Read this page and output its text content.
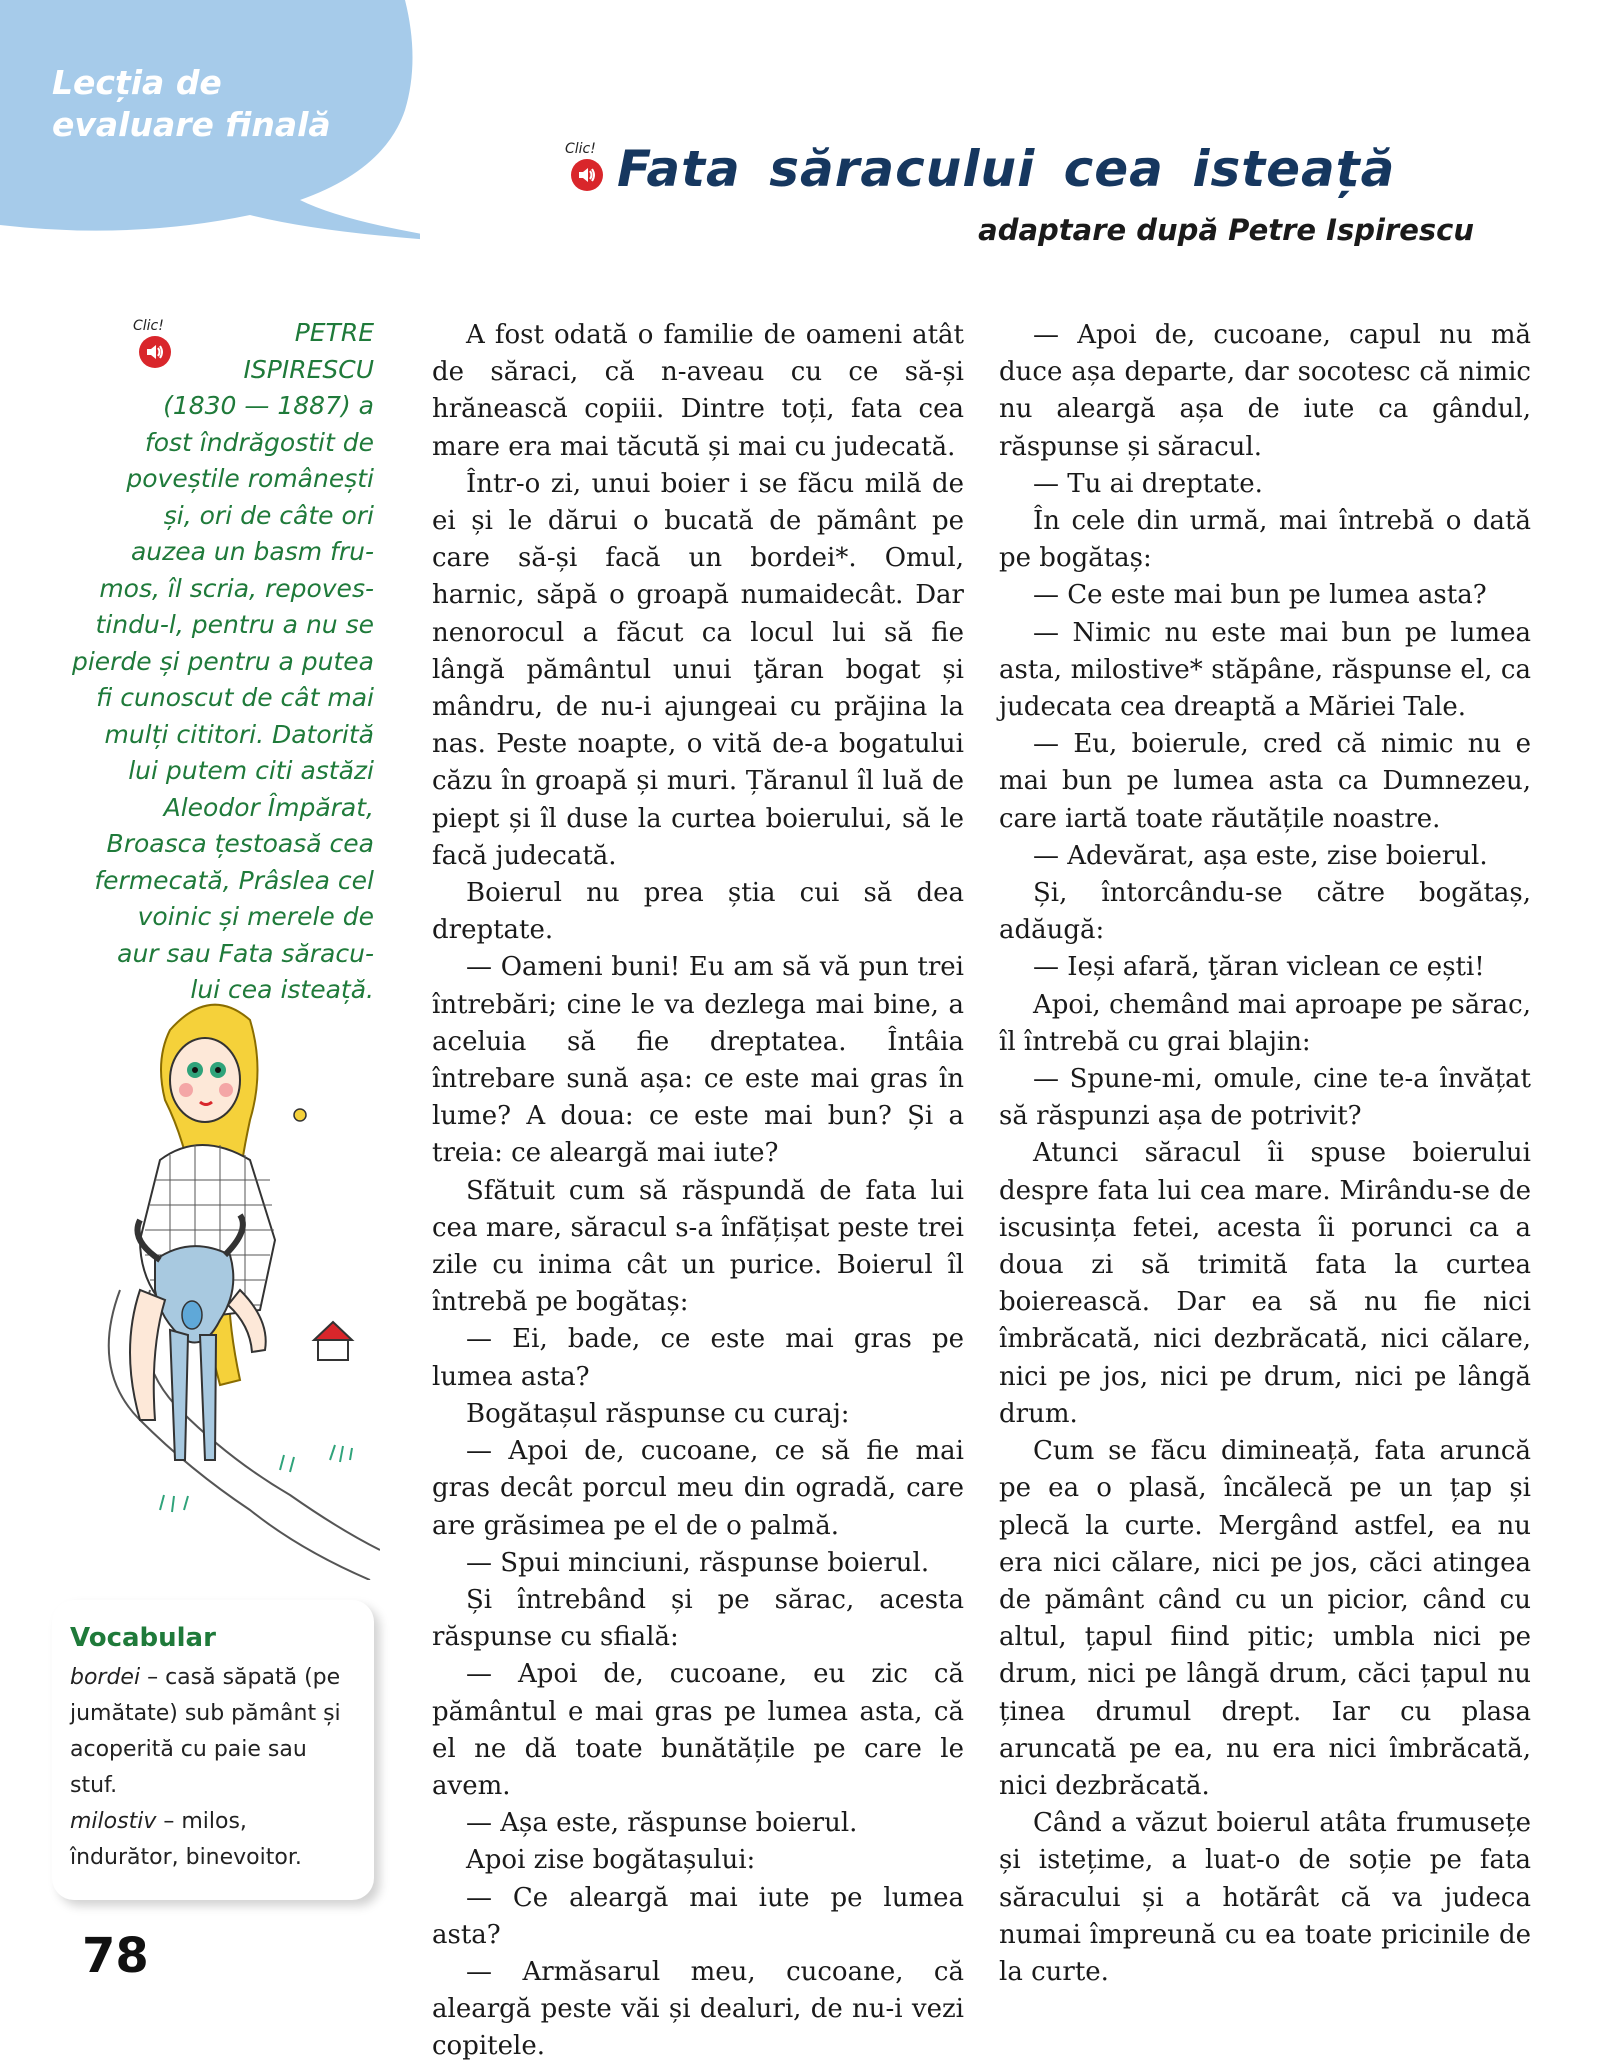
Lecția de
evaluare finală
Clic! Fata săracului cea isteață
adaptare după Petre Ispirescu
Clic!	PETRE
ISPIRESCU
(1830 — 1887) a
fost îndrăgostit de
poveștile românești
și, ori de câte ori
auzea un basm fru-
mos, îl scria, repoves-
tindu-l, pentru a nu se
pierde și pentru a putea
fi cunoscut de cât mai
mulți cititori. Datorită
lui putem citi astăzi
Aleodor Împărat,
Broasca țestoasă cea
fermecată, Prâslea cel
voinic și merele de
aur sau Fata săracu-
lui cea isteață.
Vocabular
bordei – casă săpată (pe jumătate) sub pământ și acoperită cu paie sau stuf.
milostiv – milos, îndurător, binevoitor.
78

A fost odată o familie de oameni atât de săraci, că n-aveau cu ce să-și hrănească copiii. Dintre toți, fata cea mare era mai tăcută și mai cu judecată.

Într-o zi, unui boier i se făcu milă de ei și le dărui o bucată de pământ pe care să-și facă un bordei*. Omul, harnic, săpă o groapă numaidecât. Dar nenorocul a făcut ca locul lui să fie lângă pământul unui ţăran bogat și mândru, de nu-i ajungeai cu prăjina la nas. Peste noapte, o vită de-a bogatului căzu în groapă și muri. Țăranul îl luă de piept și îl duse la curtea boierului, să le facă judecată.

Boierul nu prea știa cui să dea dreptate.

— Oameni buni! Eu am să vă pun trei întrebări; cine le va dezlega mai bine, a aceluia să fie dreptatea. Întâia întrebare sună așa: ce este mai gras în lume? A doua: ce este mai bun? Și a treia: ce aleargă mai iute?

Sfătuit cum să răspundă de fata lui cea mare, săracul s-a înfățișat peste trei zile cu inima cât un purice. Boierul îl întrebă pe bogătaș:

— Ei, bade, ce este mai gras pe lumea asta?

Bogătașul răspunse cu curaj:

— Apoi de, cucoane, ce să fie mai gras decât porcul meu din ogradă, care are grăsimea pe el de o palmă.

— Spui minciuni, răspunse boierul.

Și întrebând și pe sărac, acesta răspunse cu sfială:

— Apoi de, cucoane, eu zic că pământul e mai gras pe lumea asta, că el ne dă toate bunătățile pe care le avem.

— Așa este, răspunse boierul.

Apoi zise bogătașului:

— Ce aleargă mai iute pe lumea asta?

— Armăsarul meu, cucoane, că aleargă peste văi și dealuri, de nu-i vezi copitele.

— Apoi de, cucoane, capul nu mă duce așa departe, dar socotesc că nimic nu aleargă așa de iute ca gândul, răspunse și săracul.

— Tu ai dreptate.

În cele din urmă, mai întrebă o dată pe bogătaș:

— Ce este mai bun pe lumea asta?

— Nimic nu este mai bun pe lumea asta, milostive* stăpâne, răspunse el, ca judecata cea dreaptă a Măriei Tale.

— Eu, boierule, cred că nimic nu e mai bun pe lumea asta ca Dumnezeu, care iartă toate răutățile noastre.

— Adevărat, așa este, zise boierul.

Și, întorcându-se către bogătaș, adăugă:

— Ieși afară, ţăran viclean ce ești!

Apoi, chemând mai aproape pe sărac, îl întrebă cu grai blajin:

— Spune-mi, omule, cine te-a învățat să răspunzi așa de potrivit?

Atunci săracul îi spuse boierului despre fata lui cea mare. Mirându-se de iscusința fetei, acesta îi porunci ca a doua zi să trimită fata la curtea boierească. Dar ea să nu fie nici îmbrăcată, nici dezbrăcată, nici călare, nici pe jos, nici pe drum, nici pe lângă drum.

Cum se făcu dimineață, fata aruncă pe ea o plasă, încălecă pe un țap și plecă la curte. Mergând astfel, ea nu era nici călare, nici pe jos, căci atingea de pământ când cu un picior, când cu altul, țapul fiind pitic; umbla nici pe drum, nici pe lângă drum, căci țapul nu ținea drumul drept. Iar cu plasa aruncată pe ea, nu era nici îmbrăcată, nici dezbrăcată.

Când a văzut boierul atâta frumusețe și istețime, a luat-o de soție pe fata săracului și a hotărât că va judeca numai împreună cu ea toate pricinile de la curte.
